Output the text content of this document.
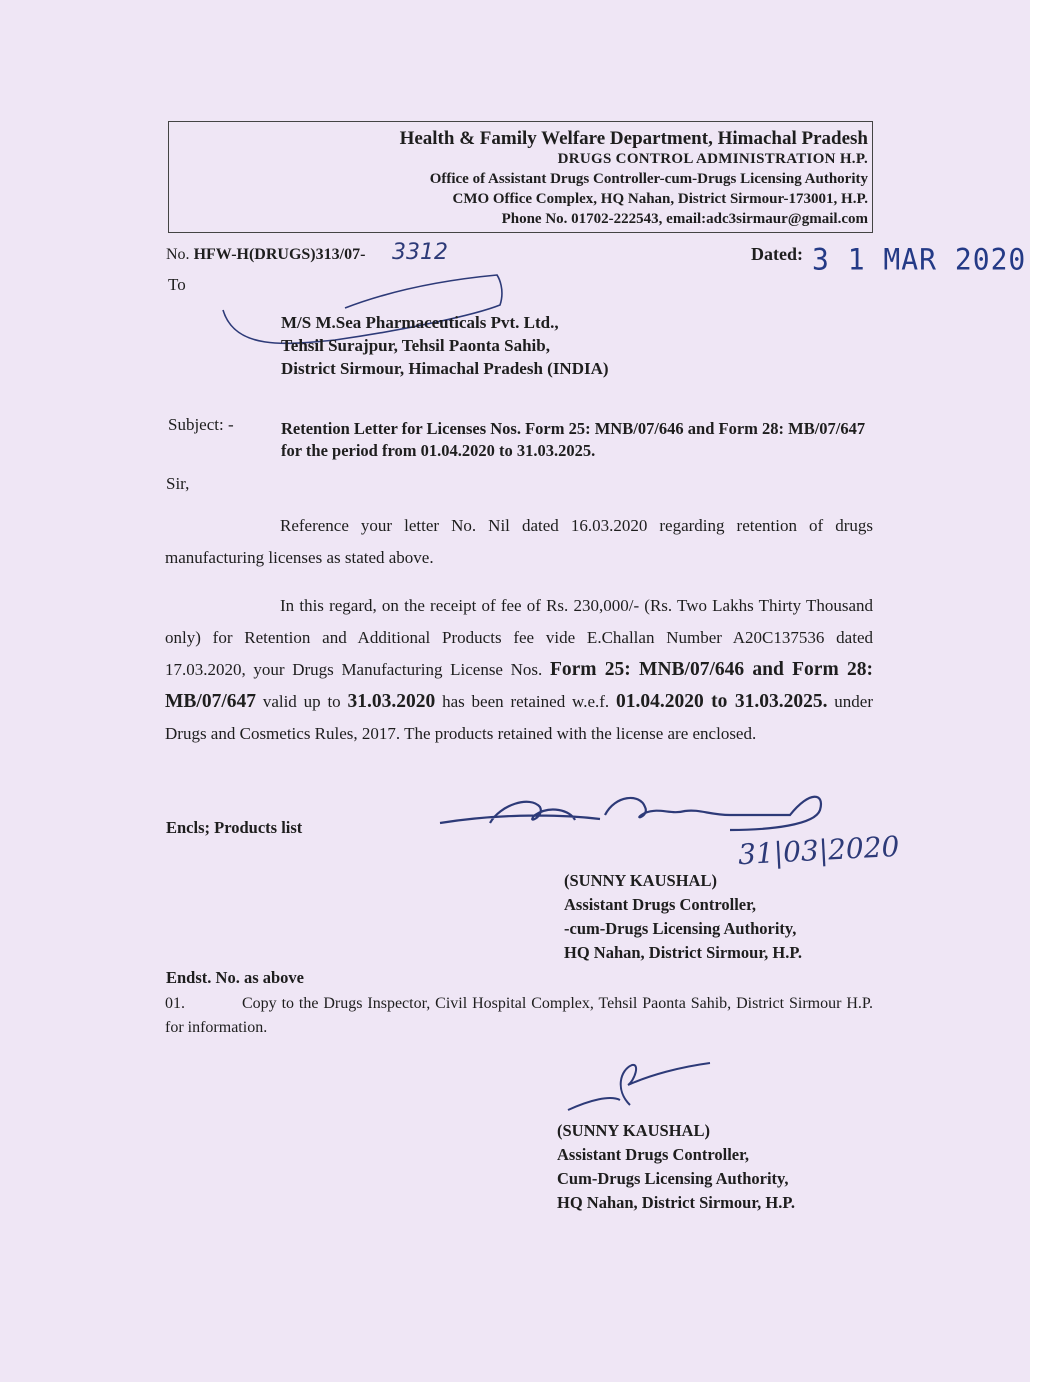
Health & Family Welfare Department, Himachal Pradesh
DRUGS CONTROL ADMINISTRATION H.P.
Office of Assistant Drugs Controller-cum-Drugs Licensing Authority
CMO Office Complex, HQ Nahan, District Sirmour-173001, H.P.
Phone No. 01702-222543, email:adc3sirmaur@gmail.com
No. HFW-H(DRUGS)313/07- 3312	Dated: 3 1 MAR 2020
To
M/S M.Sea Pharmaceuticals Pvt. Ltd.,
Tehsil Surajpur, Tehsil Paonta Sahib,
District Sirmour, Himachal Pradesh (INDIA)
Subject: -	Retention Letter for Licenses Nos. Form 25: MNB/07/646 and Form 28: MB/07/647 for the period from 01.04.2020 to 31.03.2025.
Sir,
Reference your letter No. Nil dated 16.03.2020 regarding retention of drugs manufacturing licenses as stated above.
In this regard, on the receipt of fee of Rs. 230,000/- (Rs. Two Lakhs Thirty Thousand only) for Retention and Additional Products fee vide E.Challan Number A20C137536 dated 17.03.2020, your Drugs Manufacturing License Nos. Form 25: MNB/07/646 and Form 28: MB/07/647 valid up to 31.03.2020 has been retained w.e.f. 01.04.2020 to 31.03.2025. under Drugs and Cosmetics Rules, 2017. The products retained with the license are enclosed.
Encls; Products list
31|03|2020
(SUNNY KAUSHAL)
Assistant Drugs Controller,
-cum-Drugs Licensing Authority,
HQ Nahan, District Sirmour, H.P.
Endst. No. as above
01.	Copy to the Drugs Inspector, Civil Hospital Complex, Tehsil Paonta Sahib, District Sirmour H.P. for information.
(SUNNY KAUSHAL)
Assistant Drugs Controller,
Cum-Drugs Licensing Authority,
HQ Nahan, District Sirmour, H.P.
